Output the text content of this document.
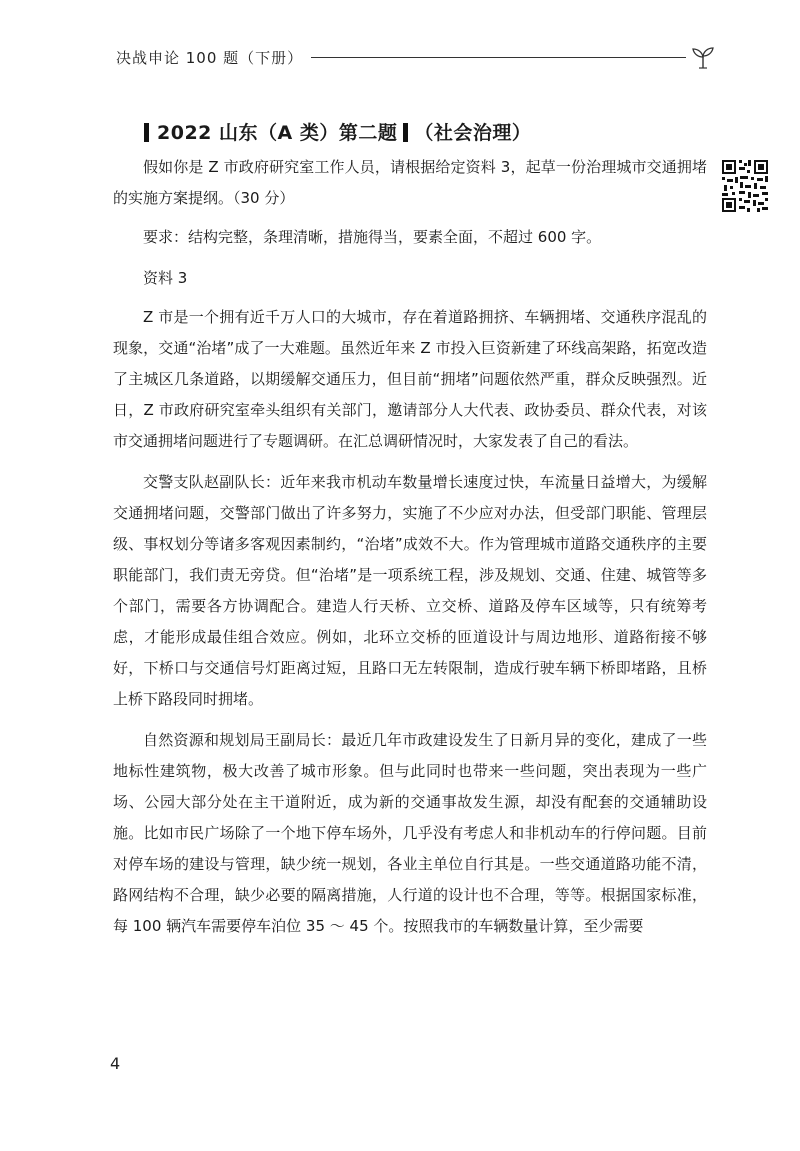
决战申论 100 题（下册）
2022 山东（A 类）第二题 （社会治理）

假如你是 Z 市政府研究室工作人员，请根据给定资料 3，起草一份治理城市交通拥堵的实施方案提纲。（30 分）

要求：结构完整，条理清晰，措施得当，要素全面，不超过 600 字。

资料 3

Z 市是一个拥有近千万人口的大城市，存在着道路拥挤、车辆拥堵、交通秩序混乱的现象，交通“治堵”成了一大难题。虽然近年来 Z 市投入巨资新建了环线高架路，拓宽改造了主城区几条道路，以期缓解交通压力，但目前“拥堵”问题依然严重，群众反映强烈。近日，Z 市政府研究室牵头组织有关部门，邀请部分人大代表、政协委员、群众代表，对该市交通拥堵问题进行了专题调研。在汇总调研情况时，大家发表了自己的看法。

交警支队赵副队长：近年来我市机动车数量增长速度过快，车流量日益增大，为缓解交通拥堵问题，交警部门做出了许多努力，实施了不少应对办法，但受部门职能、管理层级、事权划分等诸多客观因素制约，“治堵”成效不大。作为管理城市道路交通秩序的主要职能部门，我们责无旁贷。但“治堵”是一项系统工程，涉及规划、交通、住建、城管等多个部门，需要各方协调配合。建造人行天桥、立交桥、道路及停车区域等，只有统筹考虑，才能形成最佳组合效应。例如，北环立交桥的匝道设计与周边地形、道路衔接不够好，下桥口与交通信号灯距离过短，且路口无左转限制，造成行驶车辆下桥即堵路，且桥上桥下路段同时拥堵。

自然资源和规划局王副局长：最近几年市政建设发生了日新月异的变化，建成了一些地标性建筑物，极大改善了城市形象。但与此同时也带来一些问题，突出表现为一些广场、公园大部分处在主干道附近，成为新的交通事故发生源，却没有配套的交通辅助设施。比如市民广场除了一个地下停车场外，几乎没有考虑人和非机动车的行停问题。目前对停车场的建设与管理，缺少统一规划，各业主单位自行其是。一些交通道路功能不清，路网结构不合理，缺少必要的隔离措施，人行道的设计也不合理，等等。根据国家标准，每 100 辆汽车需要停车泊位 35 ～ 45 个。按照我市的车辆数量计算，至少需要

4
